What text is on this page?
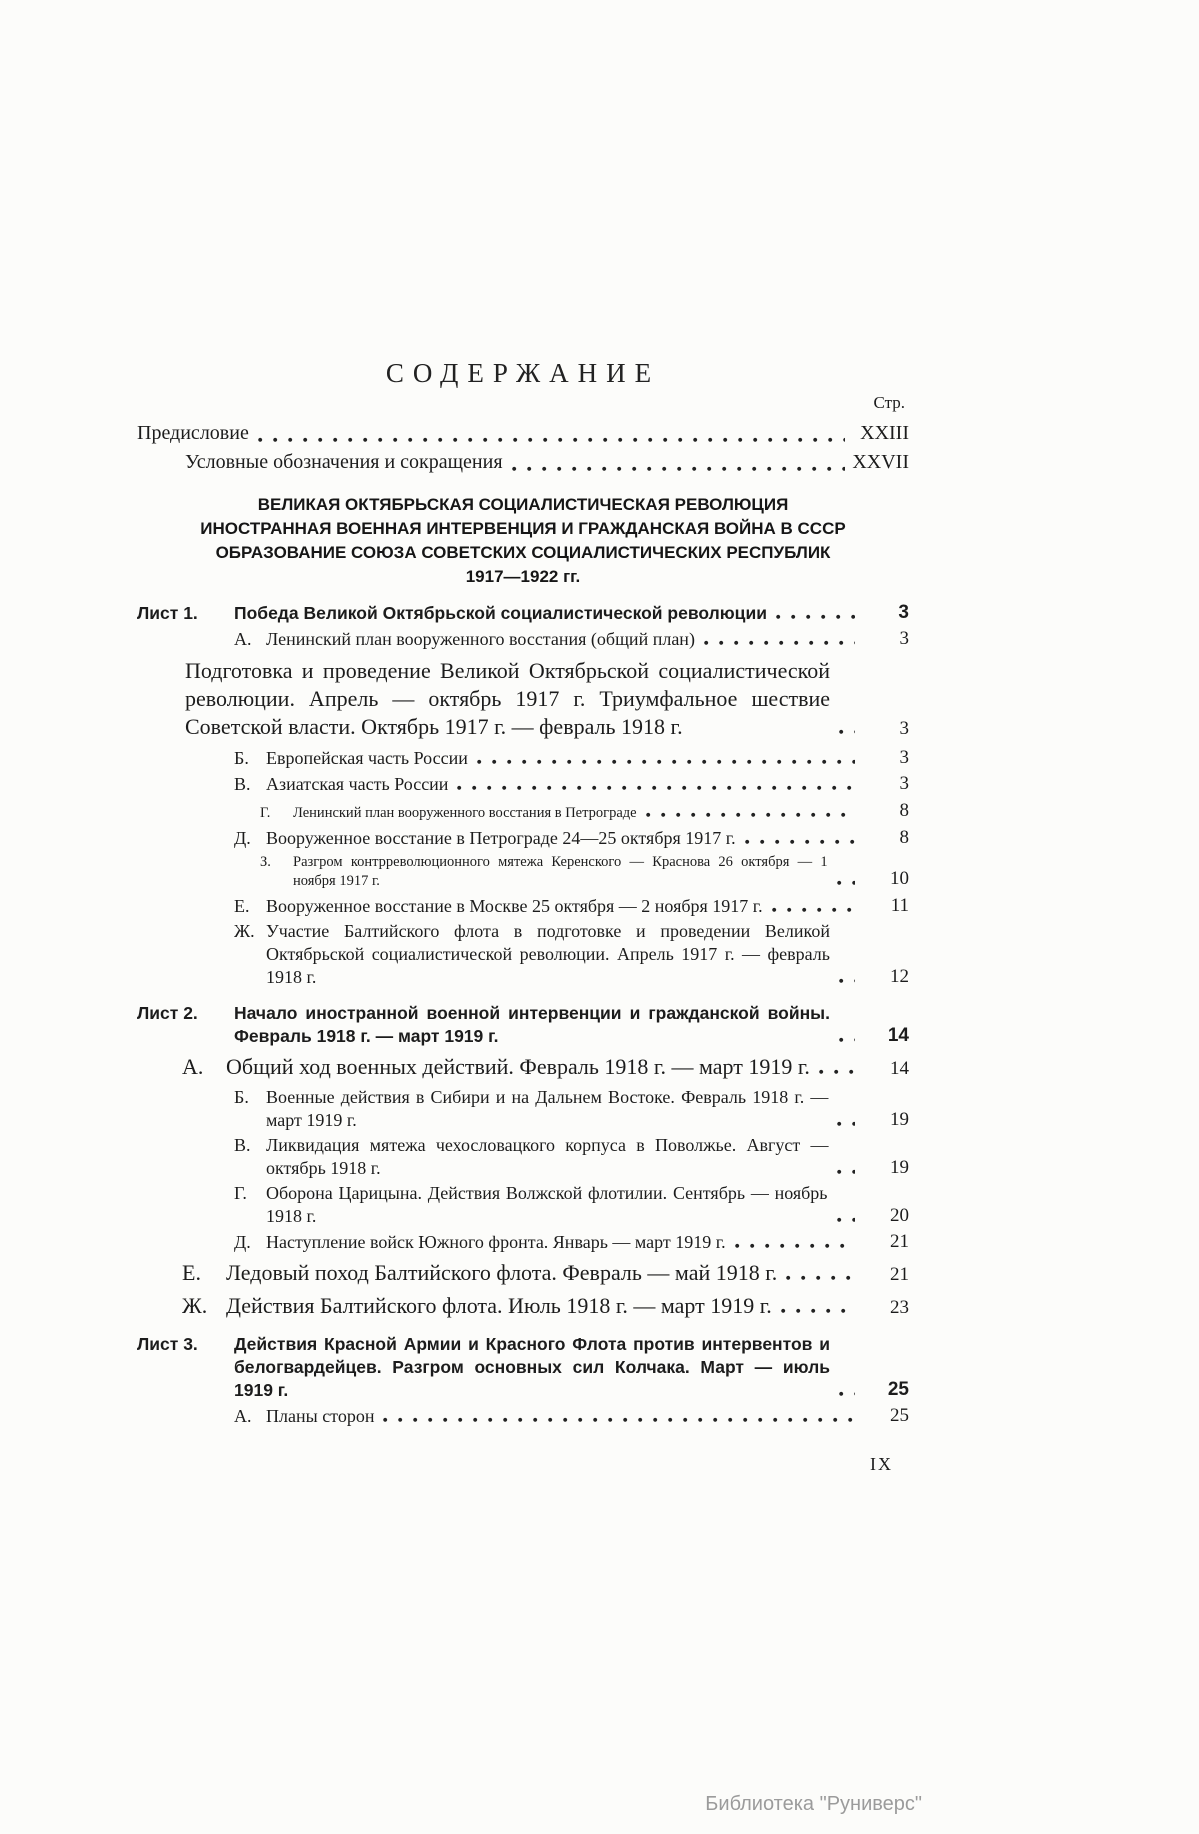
СОДЕРЖАНИЕ
Стр.
Предисловие	XXIII
Условные обозначения и сокращения	XXVII
ВЕЛИКАЯ ОКТЯБРЬСКАЯ СОЦИАЛИСТИЧЕСКАЯ РЕВОЛЮЦИЯ
ИНОСТРАННАЯ ВОЕННАЯ ИНТЕРВЕНЦИЯ И ГРАЖДАНСКАЯ ВОЙНА В СССР
ОБРАЗОВАНИЕ СОЮЗА СОВЕТСКИХ СОЦИАЛИСТИЧЕСКИХ РЕСПУБЛИК
1917—1922 гг.
Лист 1. Победа Великой Октябрьской социалистической революции	3
А. Ленинский план вооруженного восстания (общий план)	3
Подготовка и проведение Великой Октябрьской социалистической революции. Апрель — октябрь 1917 г. Триумфальное шествие Советской власти. Октябрь 1917 г. — февраль 1918 г.	3
Б. Европейская часть России	3
В. Азиатская часть России	3
Г. Ленинский план вооруженного восстания в Петрограде	8
Д. Вооруженное восстание в Петрограде 24—25 октября 1917 г.	8
З. Разгром контрреволюционного мятежа Керенского — Краснова 26 октября — 1 ноября 1917 г.	10
Е. Вооруженное восстание в Москве 25 октября — 2 ноября 1917 г.	11
Ж. Участие Балтийского флота в подготовке и проведении Великой Октябрьской социалистической революции. Апрель 1917 г. — февраль 1918 г.	12
Лист 2. Начало иностранной военной интервенции и гражданской войны. Февраль 1918 г. — март 1919 г.	14
А. Общий ход военных действий. Февраль 1918 г. — март 1919 г.	14
Б. Военные действия в Сибири и на Дальнем Востоке. Февраль 1918 г. — март 1919 г.	19
В. Ликвидация мятежа чехословацкого корпуса в Поволжье. Август — октябрь 1918 г.	19
Г. Оборона Царицына. Действия Волжской флотилии. Сентябрь — ноябрь 1918 г.	20
Д. Наступление войск Южного фронта. Январь — март 1919 г.	21
Е. Ледовый поход Балтийского флота. Февраль — май 1918 г.	21
Ж. Действия Балтийского флота. Июль 1918 г. — март 1919 г.	23
Лист 3. Действия Красной Армии и Красного Флота против интервентов и белогвардейцев. Разгром основных сил Колчака. Март — июль 1919 г.	25
А. Планы сторон	25
IX
Библиотека "Руниверс"
